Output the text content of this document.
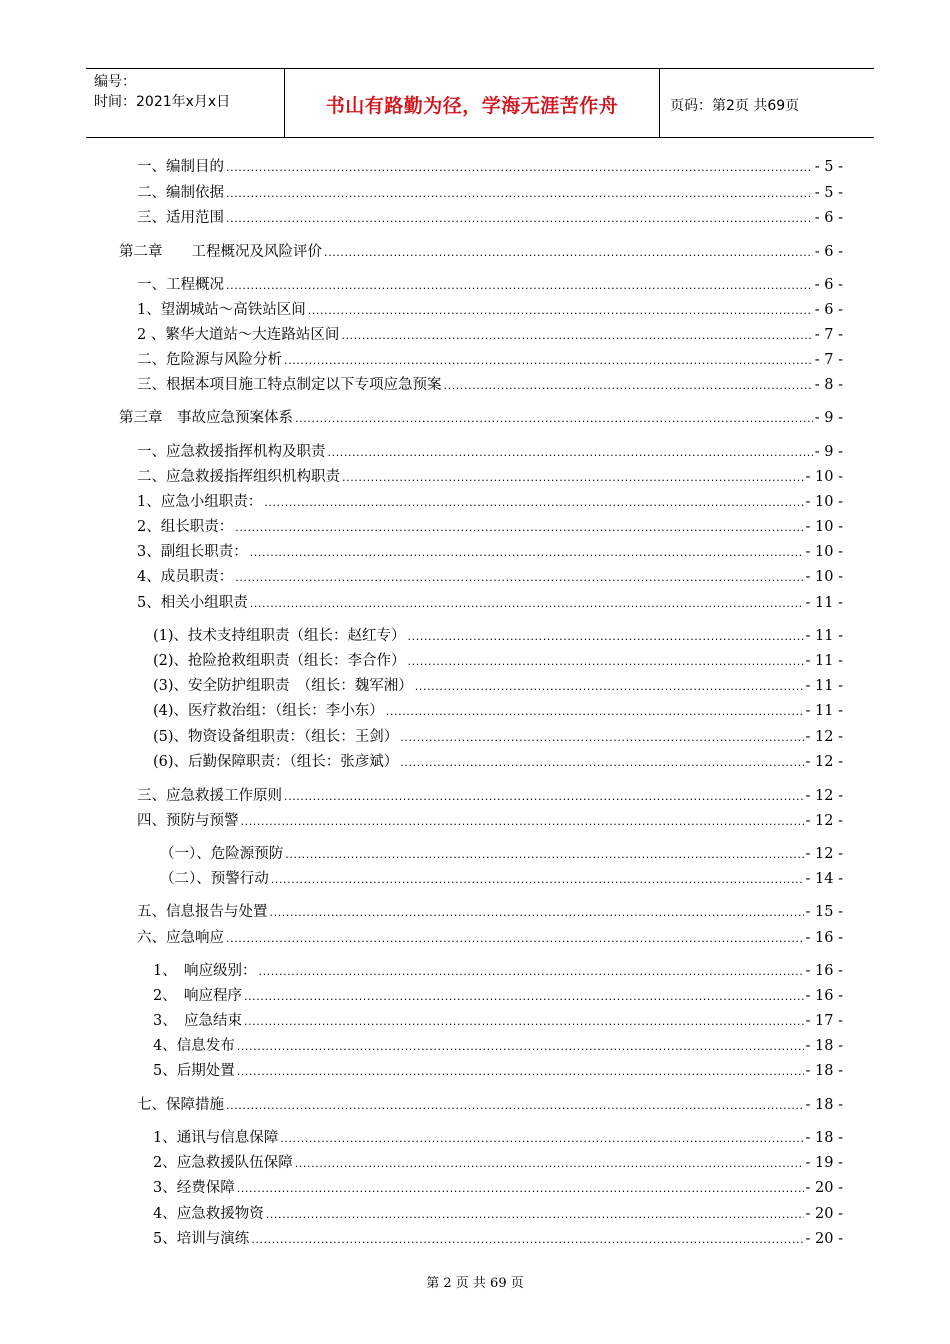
编号：
时间：2021年x月x日	书山有路勤为径，学海无涯苦作舟	页码：第2页 共69页
一、编制目的 .....	- 5 -
二、编制依据 .....	- 5 -
三、适用范围 .....	- 6 -
第二章　　工程概况及风险评价 .....	- 6 -
一、工程概况 .....	- 6 -
1、望湖城站～高铁站区间 .....	- 6 -
2 、繁华大道站～大连路站区间 .....	- 7 -
二、危险源与风险分析 .....	- 7 -
三、根据本项目施工特点制定以下专项应急预案 .....	- 8 -
第三章　事故应急预案体系 .....	- 9 -
一、应急救援指挥机构及职责 .....	- 9 -
二、应急救援指挥组织机构职责 .....	- 10 -
1、应急小组职责： .....	- 10 -
2、组长职责： .....	- 10 -
3、副组长职责： .....	- 10 -
4、成员职责： .....	- 10 -
5、相关小组职责 .....	- 11 -
(1)、技术支持组职责（组长：赵红专） .....	- 11 -
(2)、抢险抢救组职责（组长：李合作） .....	- 11 -
(3)、安全防护组职责　（组长：魏军湘） .....	- 11 -
(4)、医疗救治组：（组长：李小东） .....	- 11 -
(5)、物资设备组职责：（组长：王剑） .....	- 12 -
(6)、后勤保障职责：（组长：张彦斌） .....	- 12 -
三、应急救援工作原则 .....	- 12 -
四、预防与预警 .....	- 12 -
（一）、危险源预防 .....	- 12 -
（二）、预警行动 .....	- 14 -
五、信息报告与处置 .....	- 15 -
六、应急响应 .....	- 16 -
1、　响应级别： .....	- 16 -
2、　响应程序 .....	- 16 -
3、　应急结束 .....	- 17 -
4、信息发布 .....	- 18 -
5、后期处置 .....	- 18 -
七、保障措施 .....	- 18 -
1、通讯与信息保障 .....	- 18 -
2、应急救援队伍保障 .....	- 19 -
3、经费保障 .....	- 20 -
4、应急救援物资 .....	- 20 -
5、培训与演练 .....	- 20 -
第 2 页 共 69 页
